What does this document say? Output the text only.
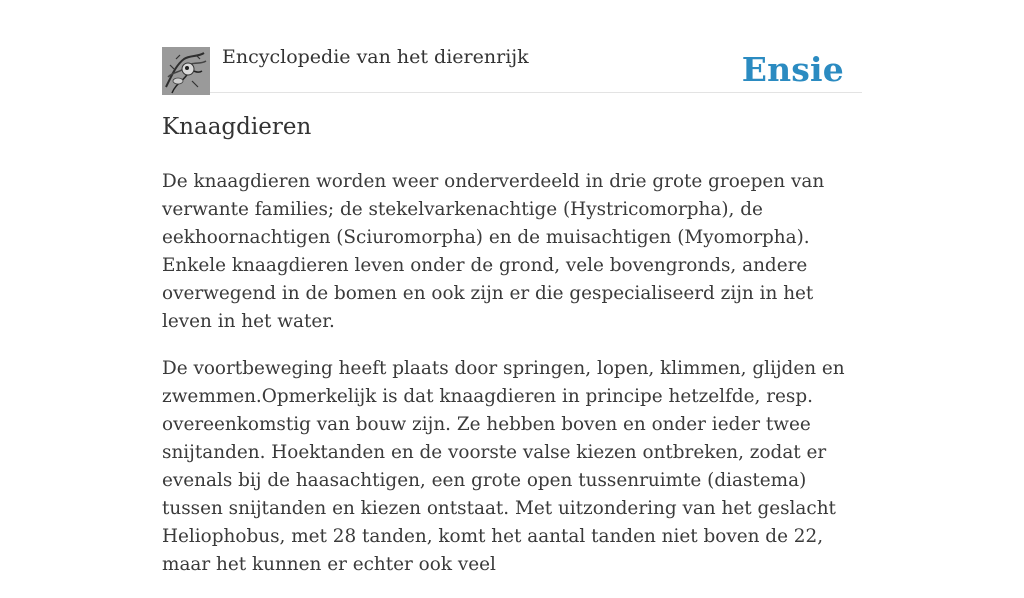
Encyclopedie van het dierenrijk	Ensie
Knaagdieren

De knaagdieren worden weer onderverdeeld in drie grote groepen van verwante families; de stekelvarkenachtige (Hystricomorpha), de eekhoornachtigen (Sciuromorpha) en de muisachtigen (Myomorpha). Enkele knaagdieren leven onder de grond, vele bovengronds, andere overwegend in de bomen en ook zijn er die gespecialiseerd zijn in het leven in het water.

De voortbeweging heeft plaats door springen, lopen, klimmen, glijden en zwemmen.Opmerkelijk is dat knaagdieren in principe hetzelfde, resp. overeenkomstig van bouw zijn. Ze hebben boven en onder ieder twee snijtanden. Hoektanden en de voorste valse kiezen ontbreken, zodat er evenals bij de haasachtigen, een grote open tussenruimte (diastema) tussen snijtanden en kiezen ontstaat. Met uitzondering van het geslacht Heliophobus, met 28 tanden, komt het aantal tanden niet boven de 22, maar het kunnen er echter ook veel
